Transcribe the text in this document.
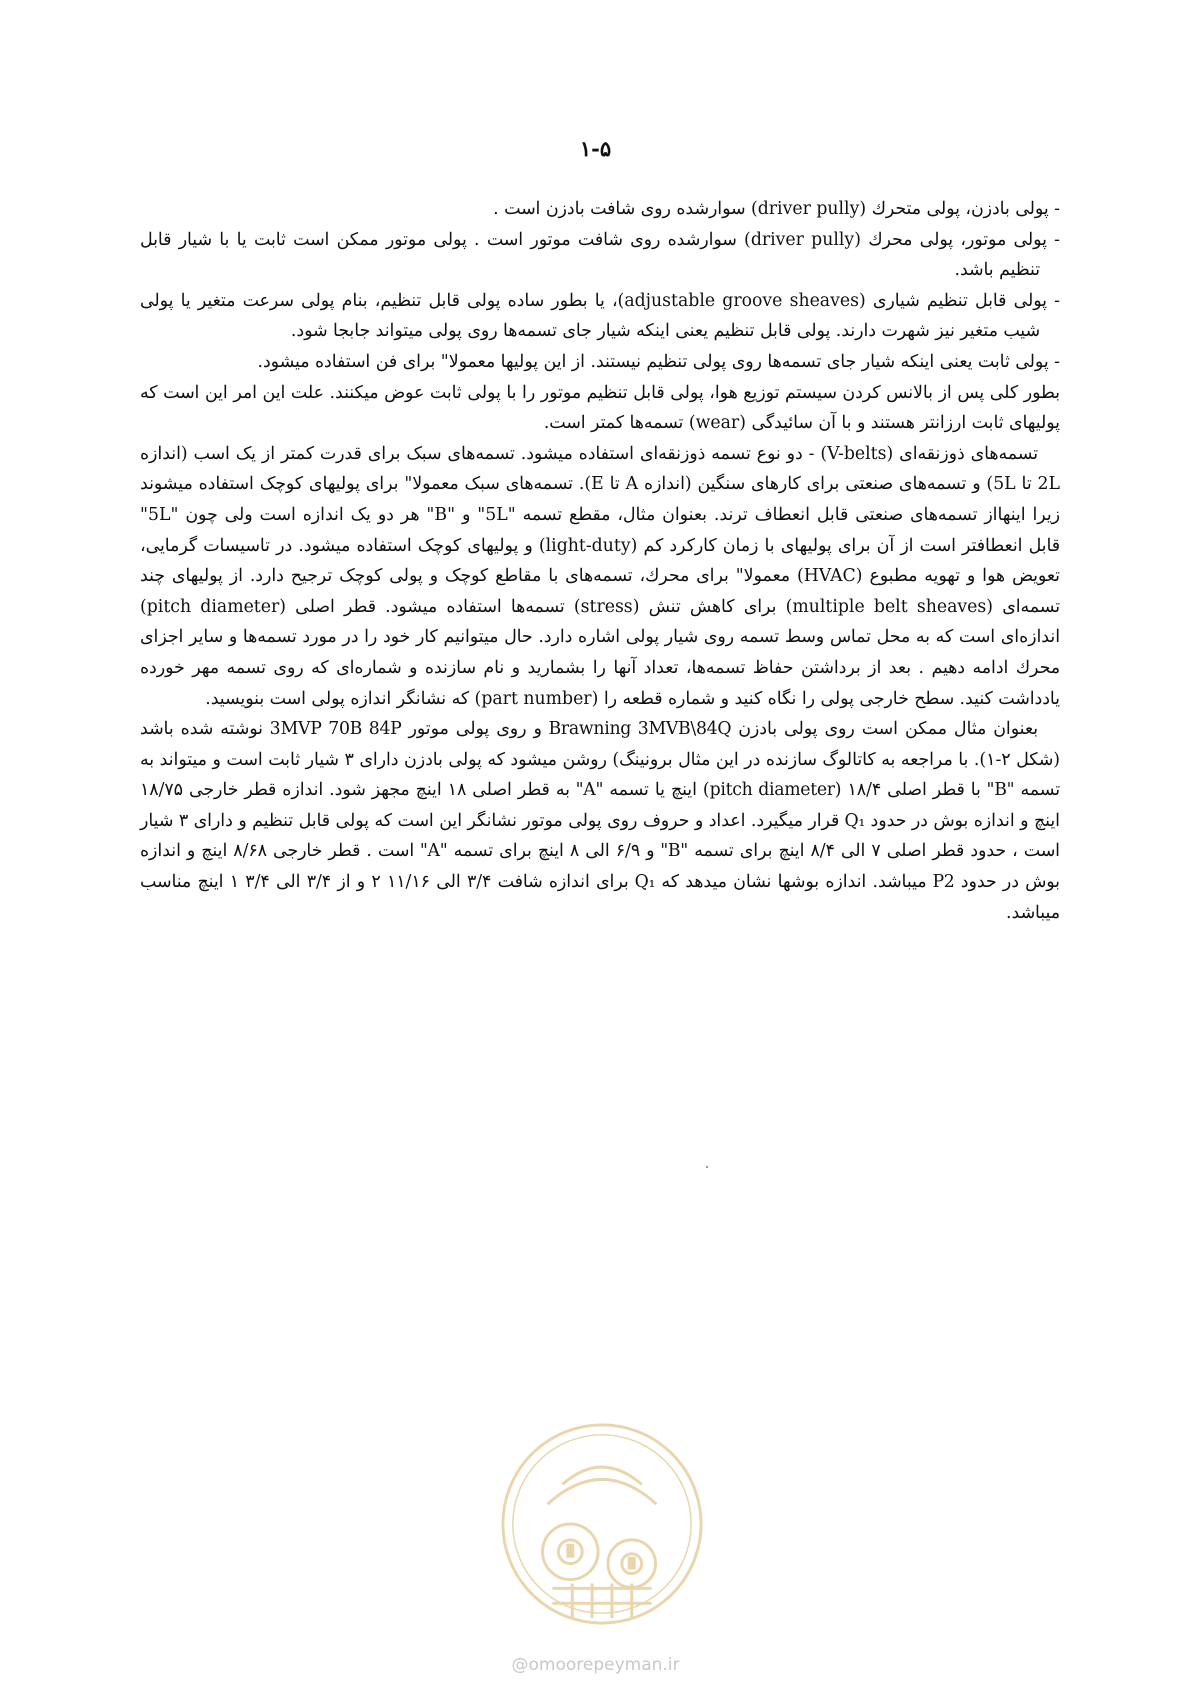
۱-۵

- پولی بادزن، پولی متحرك (driver pully) سوارشده روی شافت بادزن است .

- پولی موتور، پولی محرك (driver pully) سوارشده روی شافت موتور است . پولی موتور ممکن است ثابت یا با شیار قابل تنظیم باشد.

- پولی قابل تنظیم شیاری (adjustable groove sheaves)، یا بطور ساده پولی قابل تنظیم، بنام پولی سرعت متغیر یا پولی شیب متغیر نیز شهرت دارند. پولی قابل تنظیم یعنی اینکه شیار جای تسمه‌ها روی پولی میتواند جابجا شود.

- پولی ثابت یعنی اینکه شیار جای تسمه‌ها روی پولی تنظیم نیستند. از این پولیها معمولا" برای فن استفاده میشود.

بطور کلی پس از بالانس کردن سیستم توزیع هوا، پولی قابل تنظیم موتور را با پولی ثابت عوض میکنند. علت این امر این است که پولیهای ثابت ارزانتر هستند و با آن سائیدگی (wear) تسمه‌ها کمتر است.

تسمه‌های ذوزنقه‌ای (V-belts) - دو نوع تسمه ذوزنقه‌ای استفاده میشود. تسمه‌های سبک برای قدرت کمتر از یک اسب (اندازه 2L تا 5L) و تسمه‌های صنعتی برای کارهای سنگین (اندازه A تا E). تسمه‌های سبک معمولا" برای پولیهای کوچک استفاده میشوند زیرا اینهااز تسمه‌های صنعتی قابل انعطاف ترند. بعنوان مثال، مقطع تسمه "5L" و "B" هر دو یک اندازه است ولی چون "5L" قابل انعطافتر است از آن برای پولیهای با زمان کارکرد کم (light-duty) و پولیهای کوچک استفاده میشود. در تاسیسات گرمایی، تعویض هوا و تهویه مطبوع (HVAC) معمولا" برای محرك، تسمه‌های با مقاطع کوچک و پولی کوچک ترجیح دارد. از پولیهای چند تسمه‌ای (multiple belt sheaves) برای کاهش تنش (stress) تسمه‌ها استفاده میشود. قطر اصلی (pitch diameter) اندازه‌ای است که به محل تماس وسط تسمه روی شیار پولی اشاره دارد. حال میتوانیم کار خود را در مورد تسمه‌ها و سایر اجزای محرك ادامه دهیم . بعد از برداشتن حفاظ تسمه‌ها، تعداد آنها را بشمارید و نام سازنده و شماره‌ای که روی تسمه مهر خورده یادداشت کنید. سطح خارجی پولی را نگاه کنید و شماره قطعه را (part number) که نشانگر اندازه پولی است بنویسید.

بعنوان مثال ممکن است روی پولی بادزن Brawning 3MVB\84Q و روی پولی موتور 3MVP 70B 84P نوشته شده باشد (شکل ۲-۱). با مراجعه به کاتالوگ سازنده در این مثال برونینگ) روشن میشود که پولی بادزن دارای ۳ شیار ثابت است و میتواند به تسمه "B" با قطر اصلی ۱۸/۴ (pitch diameter) اینچ یا تسمه "A" به قطر اصلی ۱۸ اینچ مجهز شود. اندازه قطر خارجی ۱۸/۷۵ اینچ و اندازه بوش در حدود Q₁ قرار میگیرد. اعداد و حروف روی پولی موتور نشانگر این است که پولی قابل تنظیم و دارای ۳ شیار است ، حدود قطر اصلی ۷ الی ۸/۴ اینچ برای تسمه "B" و ۶/۹ الی ۸ اینچ برای تسمه "A" است . قطر خارجی ۸/۶۸ اینچ و اندازه بوش در حدود P2 میباشد. اندازه بوشها نشان میدهد که Q₁ برای اندازه شافت ۳/۴ الی ۱۱/۱۶ ۲ و از ۳/۴ الی ۳/۴ ۱ اینچ مناسب میباشد.

@omoorepeyman.ir
